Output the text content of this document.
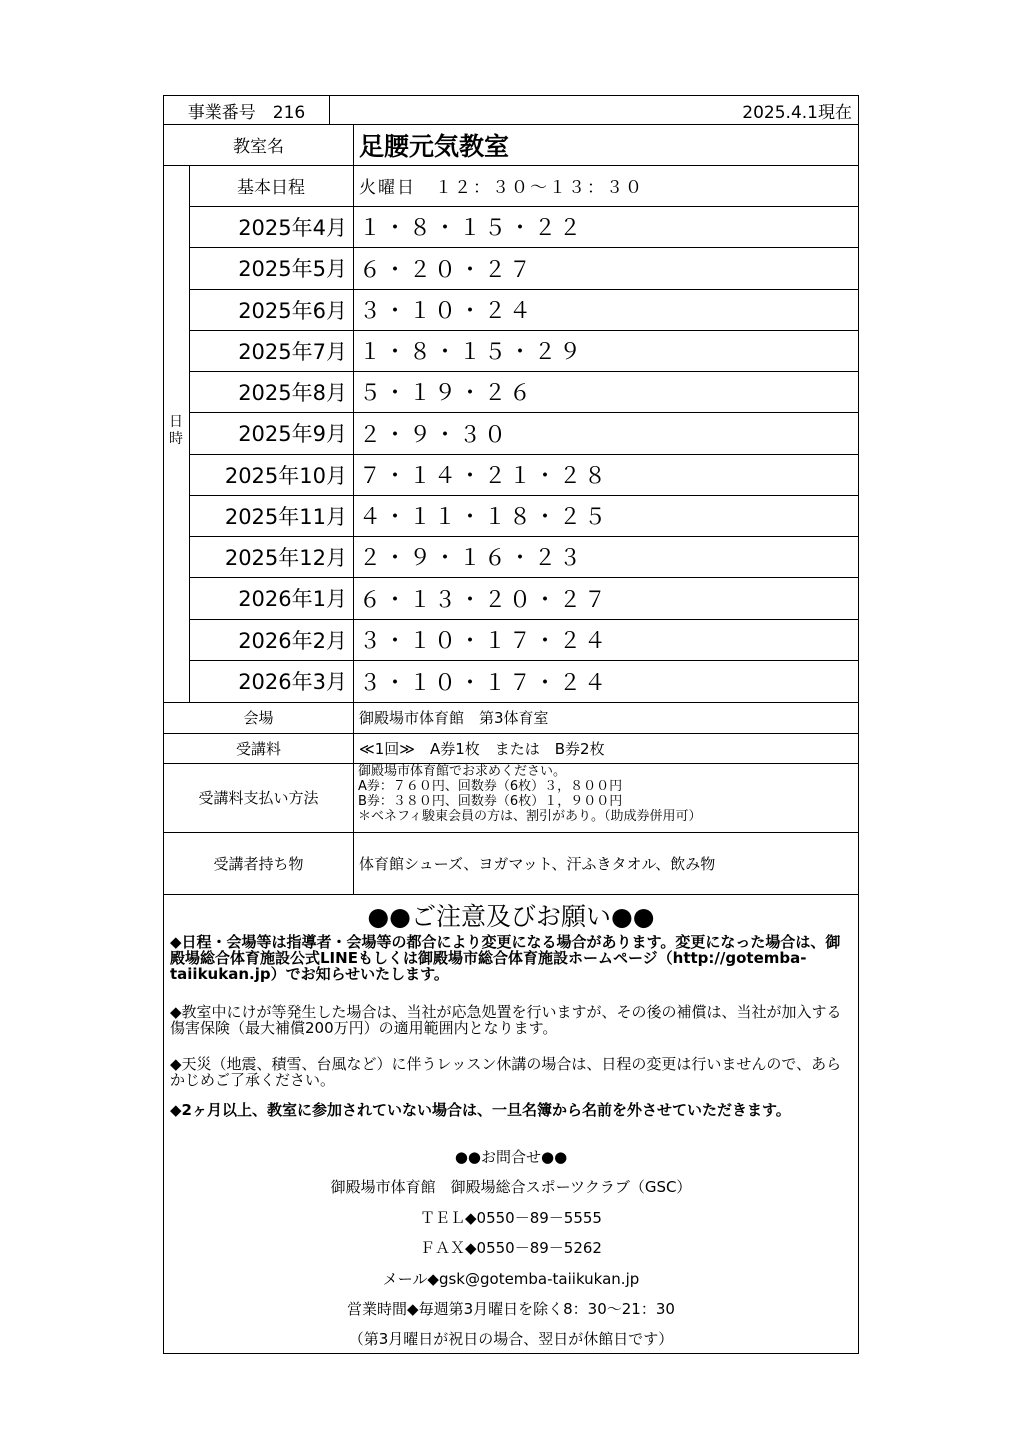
事業番号　216	2025.4.1現在
教室名	足腰元気教室
日
時
基本日程	火曜日　１２：３０～１３：３０
2025年4月 １・８・１５・２２
2025年5月 ６・２０・２７
2025年6月 ３・１０・２４
2025年7月 １・８・１５・２９
2025年8月 ５・１９・２６
2025年9月 ２・９・３０
2025年10月 ７・１４・２１・２８
2025年11月 ４・１１・１８・２５
2025年12月 ２・９・１６・２３
2026年1月 ６・１３・２０・２７
2026年2月 ３・１０・１７・２４
2026年3月 ３・１０・１７・２４
会場	御殿場市体育館　第3体育室
受講料	≪1回≫　A券1枚　または　B券2枚
受講料支払い方法
御殿場市体育館でお求めください。
A券：７６０円、回数券（6枚）３，８００円
B券：３８０円、回数券（6枚）１，９００円
＊ベネフィ駿東会員の方は、割引があり。（助成券併用可）
受講者持ち物	体育館シューズ、ヨガマット、汗ふきタオル、飲み物
●●ご注意及びお願い●●
◆日程・会場等は指導者・会場等の都合により変更になる場合があります。変更になった場合は、御殿場総合体育施設公式LINEもしくは御殿場市総合体育施設ホームページ（http://gotemba-taiikukan.jp）でお知らせいたします。
◆教室中にけが等発生した場合は、当社が応急処置を行いますが、その後の補償は、当社が加入する傷害保険（最大補償200万円）の適用範囲内となります。
◆天災（地震、積雪、台風など）に伴うレッスン休講の場合は、日程の変更は行いませんので、あらかじめご了承ください。
◆2ヶ月以上、教室に参加されていない場合は、一旦名簿から名前を外させていただきます。
●●お問合せ●●
御殿場市体育館　御殿場総合スポーツクラブ（GSC）
ＴＥＬ◆0550－89－5555
ＦＡＸ◆0550－89－5262
メール◆gsk@gotemba-taiikukan.jp
営業時間◆毎週第3月曜日を除く8：30～21：30
（第3月曜日が祝日の場合、翌日が休館日です）
